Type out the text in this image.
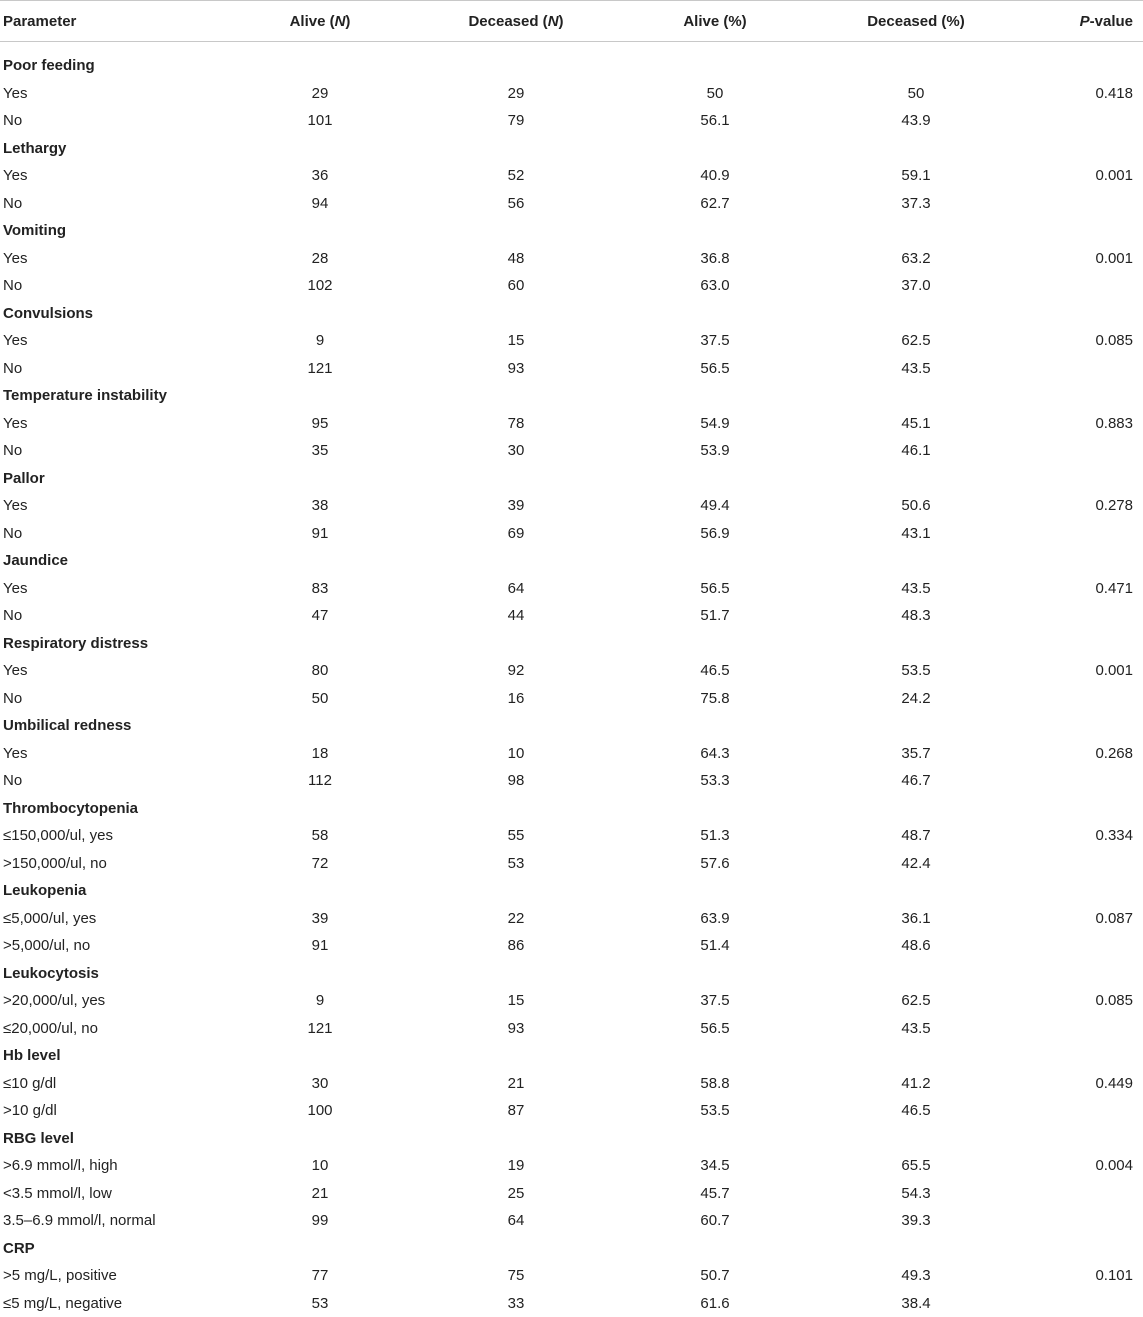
Parameter	Alive (N)	Deceased (N)	Alive (%)	Deceased (%)	P-value
Poor feeding
Yes	29	29	50	50	0.418
No	101	79	56.1	43.9
Lethargy
Yes	36	52	40.9	59.1	0.001
No	94	56	62.7	37.3
Vomiting
Yes	28	48	36.8	63.2	0.001
No	102	60	63.0	37.0
Convulsions
Yes	9	15	37.5	62.5	0.085
No	121	93	56.5	43.5
Temperature instability
Yes	95	78	54.9	45.1	0.883
No	35	30	53.9	46.1
Pallor
Yes	38	39	49.4	50.6	0.278
No	91	69	56.9	43.1
Jaundice
Yes	83	64	56.5	43.5	0.471
No	47	44	51.7	48.3
Respiratory distress
Yes	80	92	46.5	53.5	0.001
No	50	16	75.8	24.2
Umbilical redness
Yes	18	10	64.3	35.7	0.268
No	112	98	53.3	46.7
Thrombocytopenia
≤150,000/ul, yes	58	55	51.3	48.7	0.334
>150,000/ul, no	72	53	57.6	42.4
Leukopenia
≤5,000/ul, yes	39	22	63.9	36.1	0.087
>5,000/ul, no	91	86	51.4	48.6
Leukocytosis
>20,000/ul, yes	9	15	37.5	62.5	0.085
≤20,000/ul, no	121	93	56.5	43.5
Hb level
≤10 g/dl	30	21	58.8	41.2	0.449
>10 g/dl	100	87	53.5	46.5
RBG level
>6.9 mmol/l, high	10	19	34.5	65.5	0.004
<3.5 mmol/l, low	21	25	45.7	54.3
3.5–6.9 mmol/l, normal	99	64	60.7	39.3
CRP
>5 mg/L, positive	77	75	50.7	49.3	0.101
≤5 mg/L, negative	53	33	61.6	38.4
